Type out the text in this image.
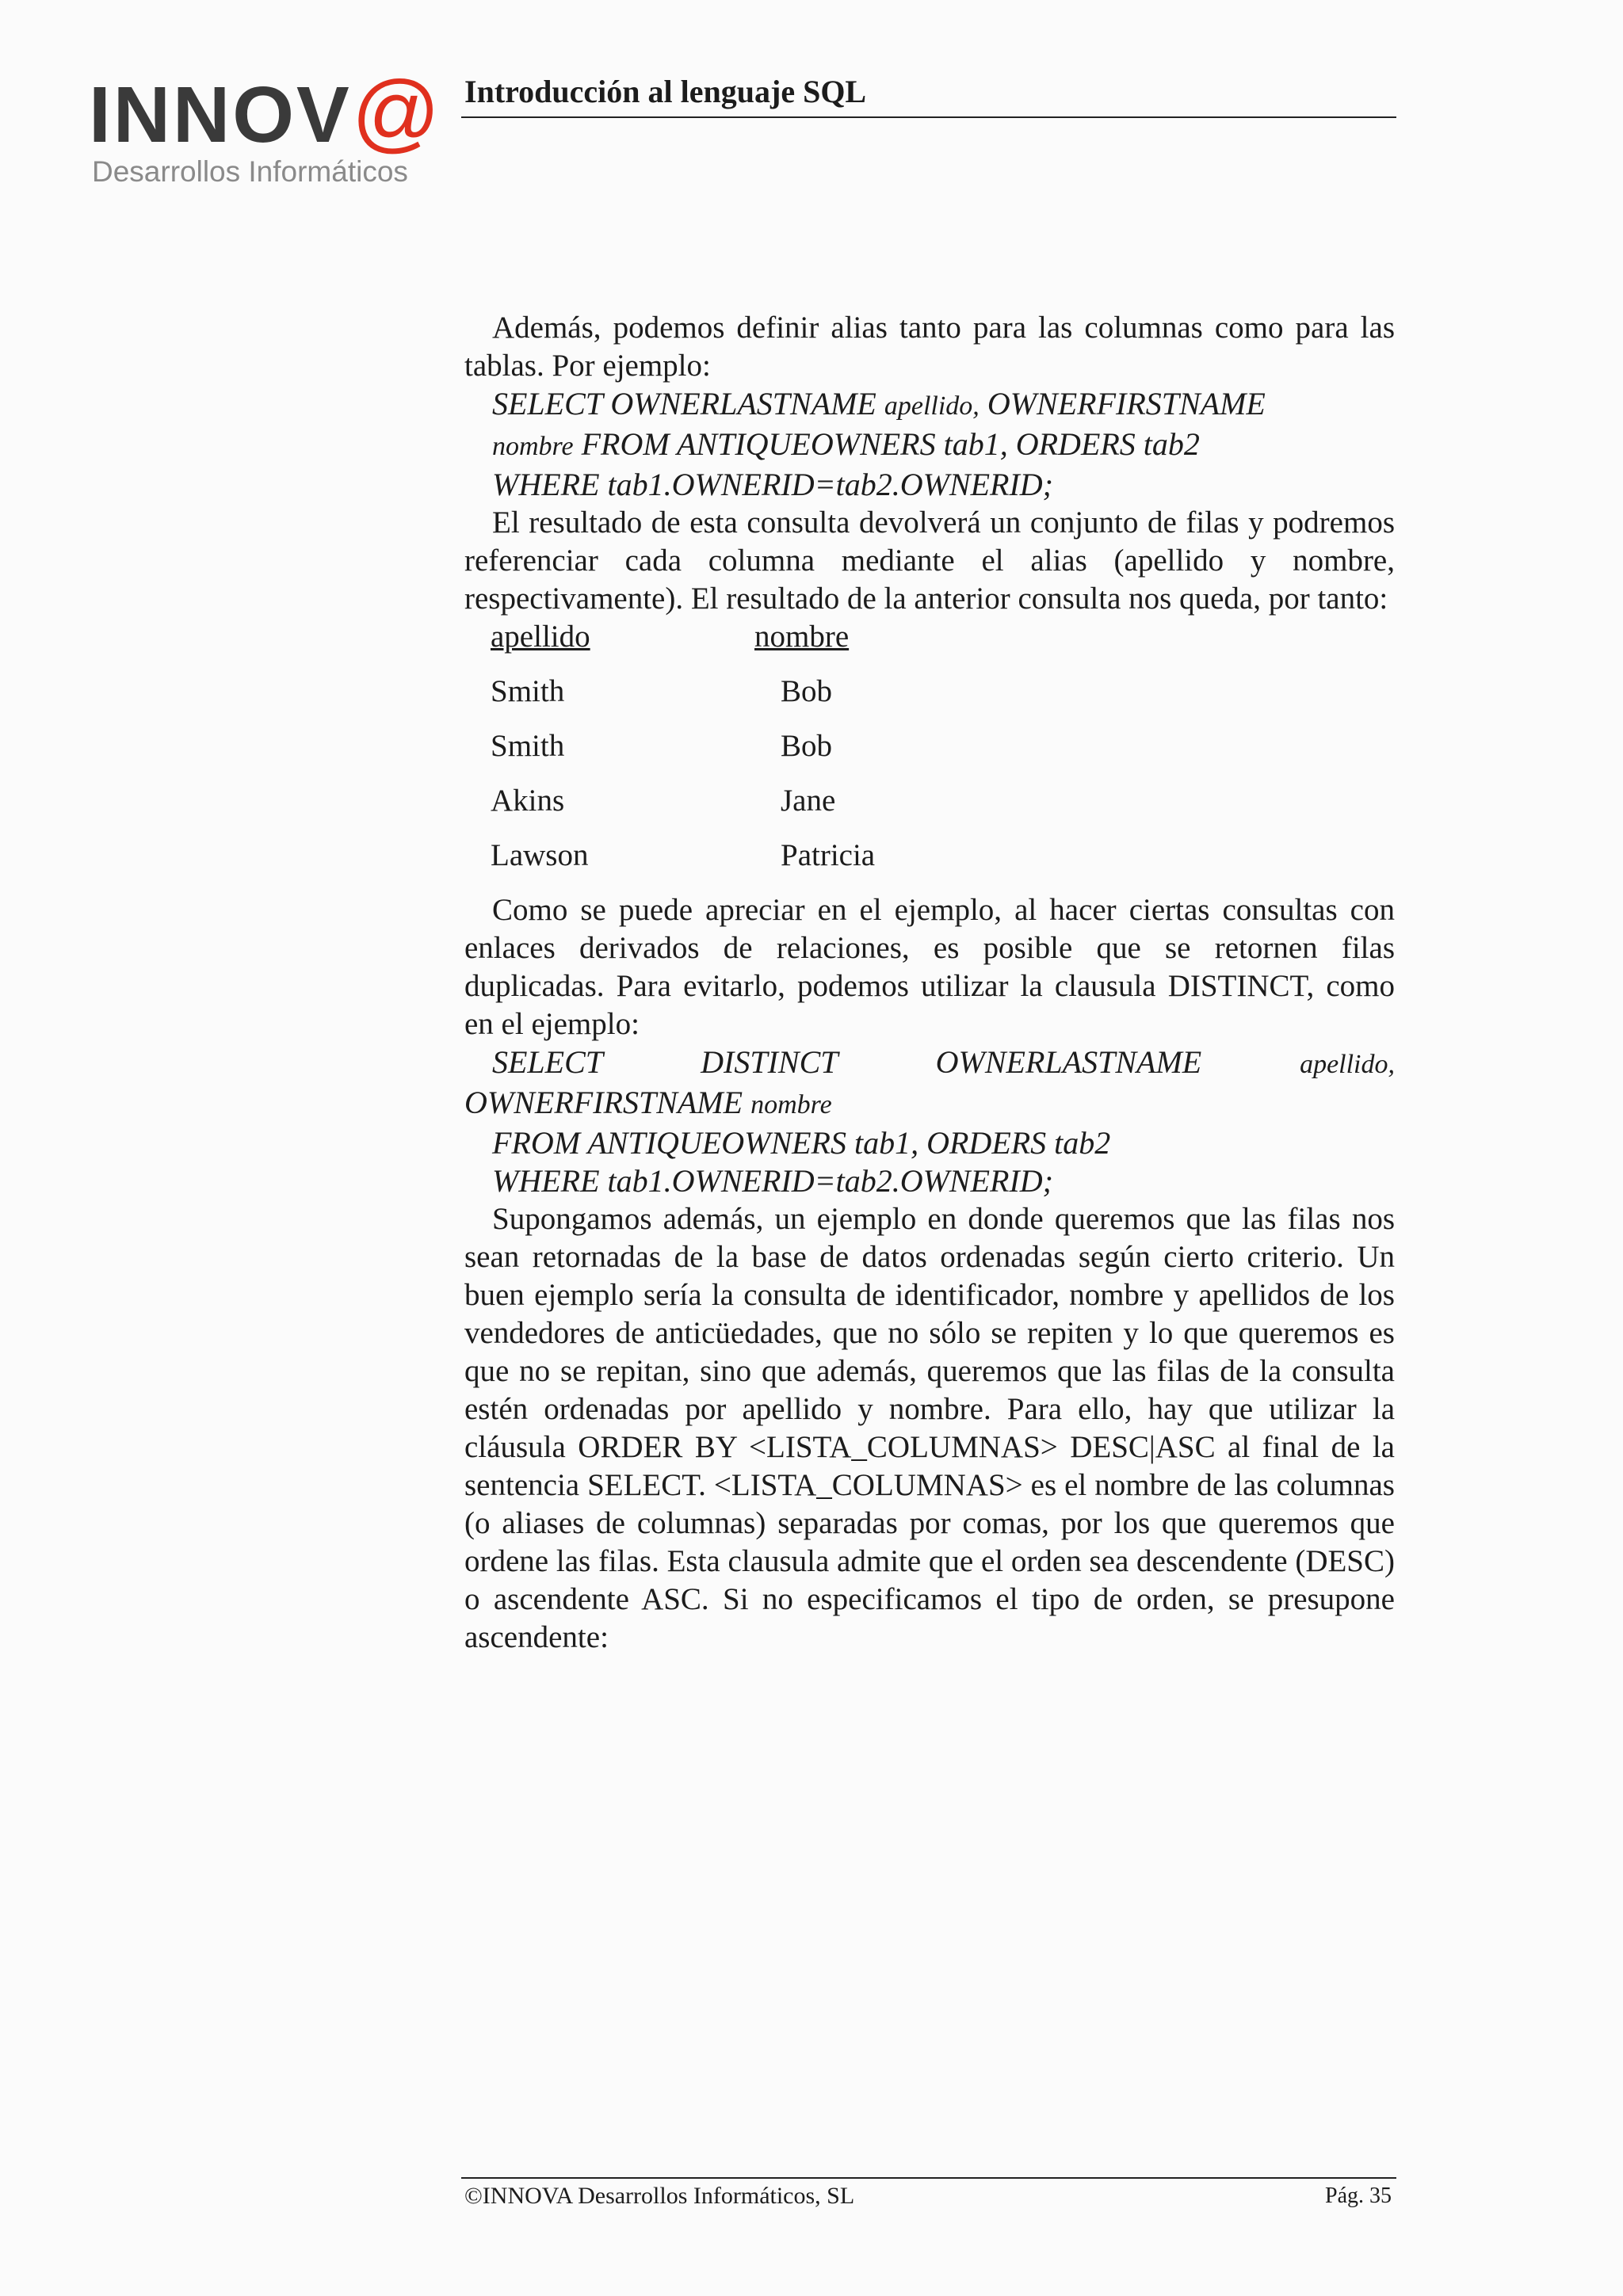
INNOV@
Desarrollos Informáticos
Introducción al lenguaje SQL

Además, podemos definir alias tanto para las columnas como para las tablas. Por ejemplo:

SELECT OWNERLASTNAME apellido, OWNERFIRSTNAME

nombre FROM ANTIQUEOWNERS tab1, ORDERS tab2

WHERE tab1.OWNERID=tab2.OWNERID;

El resultado de esta consulta devolverá un conjunto de filas y podremos referenciar cada columna mediante el alias (apellido y nombre, respectivamente). El resultado de la anterior consulta nos queda, por tanto:

apellido	nombre
Smith	Bob
Smith	Bob
Akins	Jane
Lawson	Patricia

Como se puede apreciar en el ejemplo, al hacer ciertas consultas con enlaces derivados de relaciones, es posible que se retornen filas duplicadas. Para evitarlo, podemos utilizar la clausula DISTINCT, como en el ejemplo:

SELECT DISTINCT OWNERLASTNAME	apellido, OWNERFIRSTNAME nombre

FROM ANTIQUEOWNERS tab1, ORDERS tab2

WHERE tab1.OWNERID=tab2.OWNERID;

Supongamos además, un ejemplo en donde queremos que las filas nos sean retornadas de la base de datos ordenadas según cierto criterio. Un buen ejemplo sería la consulta de identificador, nombre y apellidos de los vendedores de anticüedades, que no sólo se repiten y lo que queremos es que no se repitan, sino que además, queremos que las filas de la consulta estén ordenadas por apellido y nombre. Para ello, hay que utilizar la cláusula ORDER BY <LISTA_COLUMNAS> DESC|ASC al final de la sentencia SELECT. <LISTA_COLUMNAS> es el nombre de las columnas (o aliases de columnas) separadas por comas, por los que queremos que ordene las filas. Esta clausula admite que el orden sea descendente (DESC) o ascendente ASC. Si no especificamos el tipo de orden, se presupone ascendente:

©INNOVA Desarrollos Informáticos, SL	Pág. 35
